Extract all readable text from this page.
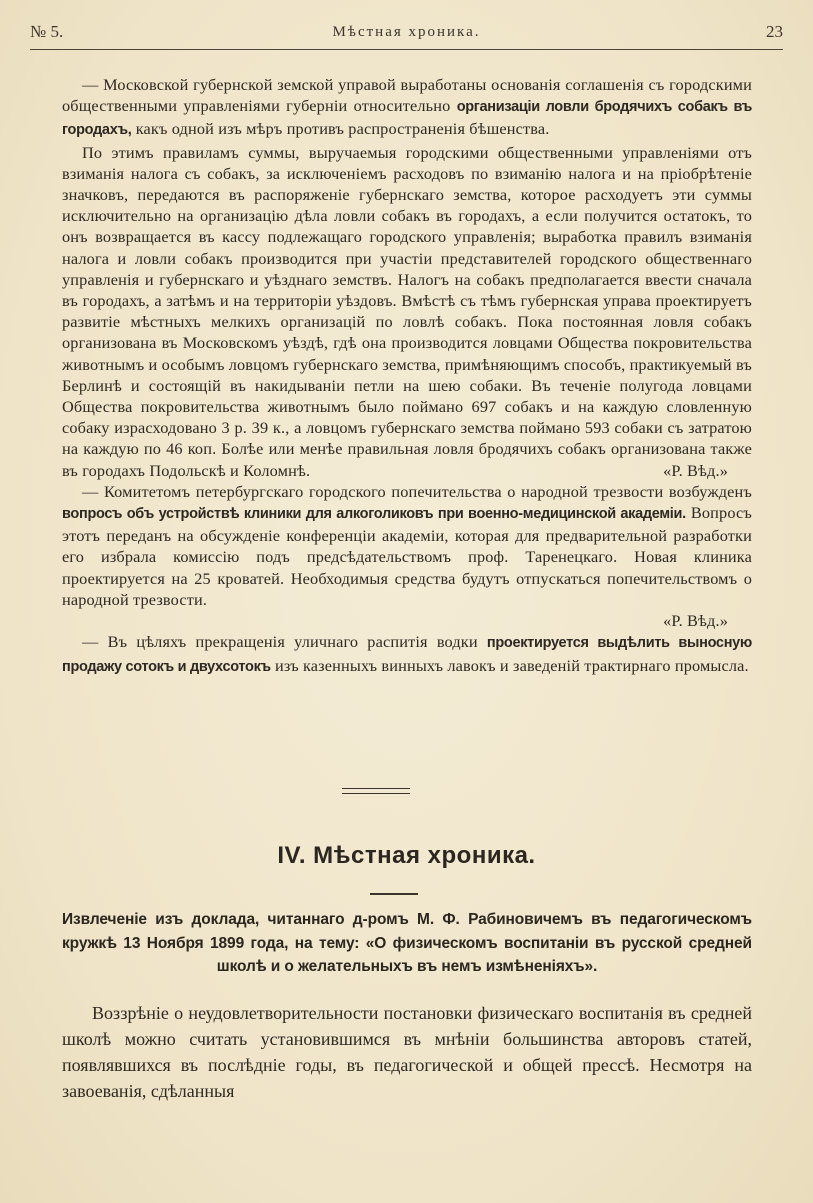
№ 5.	Мѣстная хроника.	23

— Московской губернской земской управой выработаны основанія соглашенія съ городскими общественными управленіями губерніи относительно организаціи ловли бродячихъ собакъ въ городахъ, какъ одной изъ мѣръ противъ распространенія бѣшенства.

По этимъ правиламъ суммы, выручаемыя городскими общественными управленіями отъ взиманія налога съ собакъ, за исключеніемъ расходовъ по взиманію налога и на пріобрѣтеніе значковъ, передаются въ распоряженіе губернскаго земства, которое расходуетъ эти суммы исключительно на организацію дѣла ловли собакъ въ городахъ, а если получится остатокъ, то онъ возвращается въ кассу подлежащаго городского управленія; выработка правилъ взиманія налога и ловли собакъ производится при участіи представителей городского общественнаго управленія и губернскаго и уѣзднаго земствъ. Налогъ на собакъ предполагается ввести сначала въ городахъ, а затѣмъ и на территоріи уѣздовъ. Вмѣстѣ съ тѣмъ губернская управа проектируетъ развитіе мѣстныхъ мелкихъ организацій по ловлѣ собакъ. Пока постоянная ловля собакъ организована въ Московскомъ уѣздѣ, гдѣ она производится ловцами Общества покровительства животнымъ и особымъ ловцомъ губернскаго земства, примѣняющимъ способъ, практикуемый въ Берлинѣ и состоящій въ накидываніи петли на шею собаки. Въ теченіе полугода ловцами Общества покровительства животнымъ было поймано 697 собакъ и на каждую словленную собаку израсходовано 3 р. 39 к., а ловцомъ губернскаго земства поймано 593 собаки съ затратою на каждую по 46 коп. Болѣе или менѣе правильная ловля бродячихъ собакъ организована также въ городахъ Подольскѣ и Коломнѣ.	«Р. Вѣд.»

— Комитетомъ петербургскаго городского попечительства о народной трезвости возбужденъ вопросъ объ устройствѣ клиники для алкоголиковъ при военно-медицинской академіи. Вопросъ этотъ переданъ на обсужденіе конференціи академіи, которая для предварительной разработки его избрала комиссію подъ предсѣдательствомъ проф. Таренецкаго. Новая клиника проектируется на 25 кроватей. Необходимыя средства будутъ отпускаться попечительствомъ о народной трезвости.

«Р. Вѣд.»

— Въ цѣляхъ прекращенія уличнаго распитія водки проектируется выдѣлить выносную продажу сотокъ и двухсотокъ изъ казенныхъ винныхъ лавокъ и заведеній трактирнаго промысла.

IV. Мѣстная хроника.
Извлеченіе изъ доклада, читаннаго д-ромъ М. Ф. Рабиновичемъ въ педагогическомъ кружкѣ 13 Ноября 1899 года, на тему: «О физическомъ воспитаніи въ русской средней школѣ и о желательныхъ въ немъ измѣненіяхъ».

Воззрѣніе о неудовлетворительности постановки физическаго воспитанія въ средней школѣ можно считать установившимся въ мнѣніи большинства авторовъ статей, появлявшихся въ послѣдніе годы, въ педагогической и общей прессѣ. Несмотря на завоеванія, сдѣланныя
